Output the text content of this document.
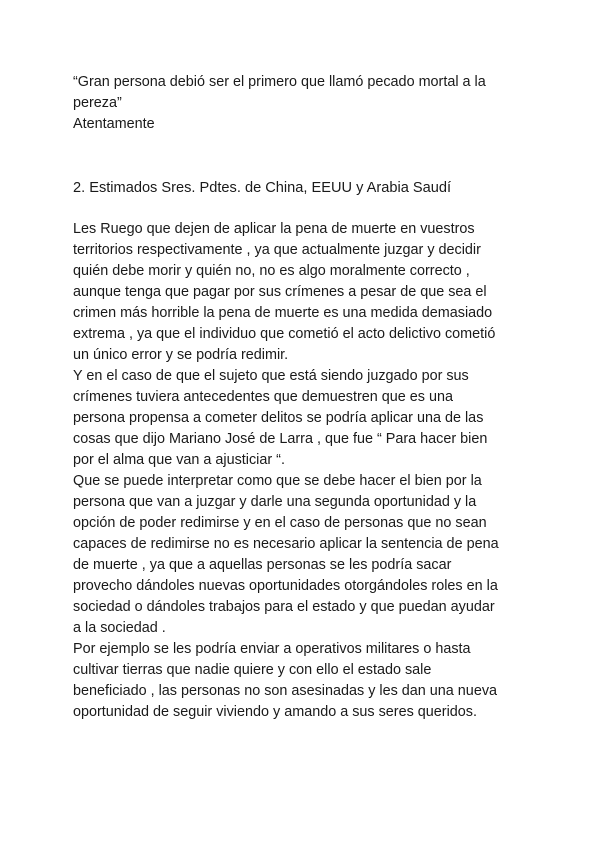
“Gran persona debió ser el primero que llamó pecado mortal a la
pereza”
Atentamente
2. Estimados Sres. Pdtes. de China, EEUU y Arabia Saudí
Les Ruego que dejen de aplicar la pena de muerte en vuestros
territorios respectivamente , ya que actualmente juzgar y decidir
quién debe morir y quién no, no es algo moralmente correcto ,
aunque tenga que pagar por sus crímenes a pesar de que sea el
crimen más horrible la pena de muerte es una medida demasiado
extrema , ya que el individuo que cometió el acto delictivo cometió
un único error y se podría redimir.
Y en el caso de que el sujeto que está siendo juzgado por sus
crímenes tuviera antecedentes que demuestren que es una
persona propensa a cometer delitos se podría aplicar una de las
cosas que dijo Mariano José de Larra , que fue “ Para hacer bien
por el alma que van a ajusticiar “.
Que se puede interpretar como que se debe hacer el bien por la
persona que van a juzgar y darle una segunda oportunidad y la
opción de poder redimirse y en el caso de personas que no sean
capaces de redimirse no es necesario aplicar la sentencia de pena
de muerte , ya que a aquellas personas se les podría sacar
provecho dándoles nuevas oportunidades otorgándoles roles en la
sociedad o dándoles trabajos para el estado y que puedan ayudar
a la sociedad .
Por ejemplo se les podría enviar a operativos militares o hasta
cultivar tierras que nadie quiere y con ello el estado sale
beneficiado , las personas no son asesinadas y les dan una nueva
oportunidad de seguir viviendo y amando a sus seres queridos.
